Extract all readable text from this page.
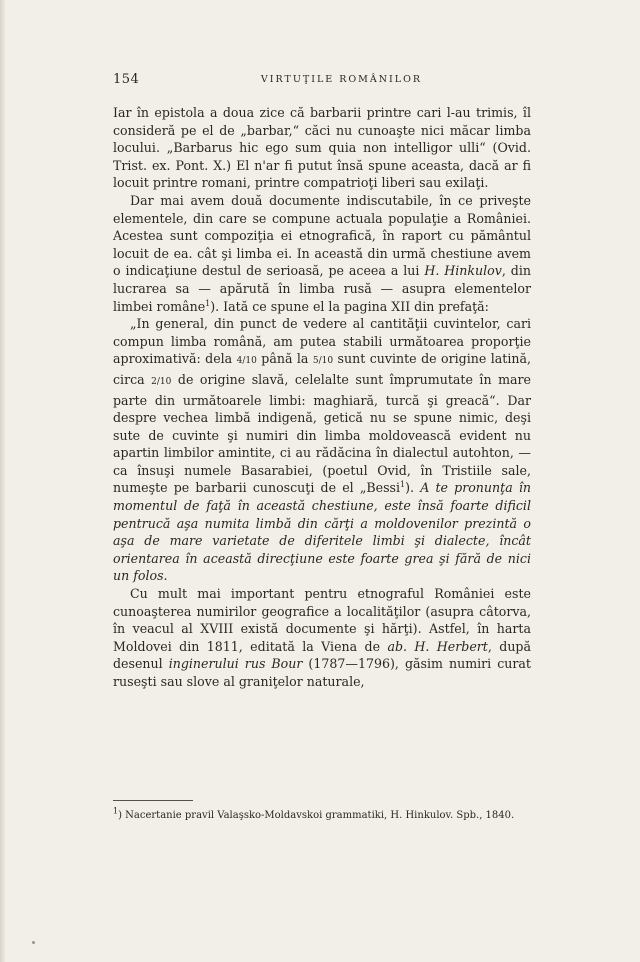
154	VIRTUŢILE ROMÂNILOR

Iar în epistola a doua zice că barbarii printre cari l-au trimis, îl consideră pe el de „barbar,“ căci nu cunoaşte nici măcar limba locului. „Barbarus hic ego sum quia non intelligor ulli“ (Ovid. Trist. ex. Pont. X.) El n'ar fi putut însă spune aceasta, dacă ar fi locuit printre romani, printre compatrioţi liberi sau exilaţi.

Dar mai avem două documente indiscutabile, în ce priveşte elementele, din care se compune actuala populaţie a României. Acestea sunt compoziţia ei etnografică, în raport cu pământul locuit de ea. cât şi limba ei. In această din urmă chestiune avem o indicaţiune destul de serioasă, pe aceea a lui H. Hinkulov, din lucrarea sa — apărută în limba rusă — asupra elementelor limbei române$^1$). Iată ce spune el la pagina XII din prefaţă:

„In general, din punct de vedere al cantităţii cuvintelor, cari compun limba română, am putea stabili următoarea proporţie aproximativă: dela 4/10 până la 5/10 sunt cuvinte de origine latină, circa 2/10 de origine slavă, celelalte sunt împrumutate în mare parte din următoarele limbi: maghiară, turcă şi greacă“. Dar despre vechea limbă indigenă, getică nu se spune nimic, deşi sute de cuvinte şi numiri din limba moldovească evident nu apartin limbilor amintite, ci au rădăcina în dialectul autohton, — ca însuşi numele Basarabiei, (poetul Ovid, în Tristiile sale, numeşte pe barbarii cunoscuţi de el „Bessi$^1$). A te pronunţa în momentul de faţă în această chestiune, este însă foarte dificil pentrucă aşa numita limbă din cărţi a moldovenilor prezintă o aşa de mare varietate de diferitele limbi şi dialecte, încât orientarea în această direcţiune este foarte grea şi fără de nici un folos.

Cu mult mai important pentru etnograful României este cunoaşterea numirilor geografice a localităţilor (asupra câtorva, în veacul al XVIII există documente şi hărţi). Astfel, în harta Moldovei din 1811, editată la Viena de ab. H. Herbert, după desenul inginerului rus Bour (1787—1796), găsim numiri curat ruseşti sau slove al graniţelor naturale,

$^1$) Nacertanie pravil Valaşsko-Moldavskoi grammatiki, H. Hinkulov. Spb., 1840.
